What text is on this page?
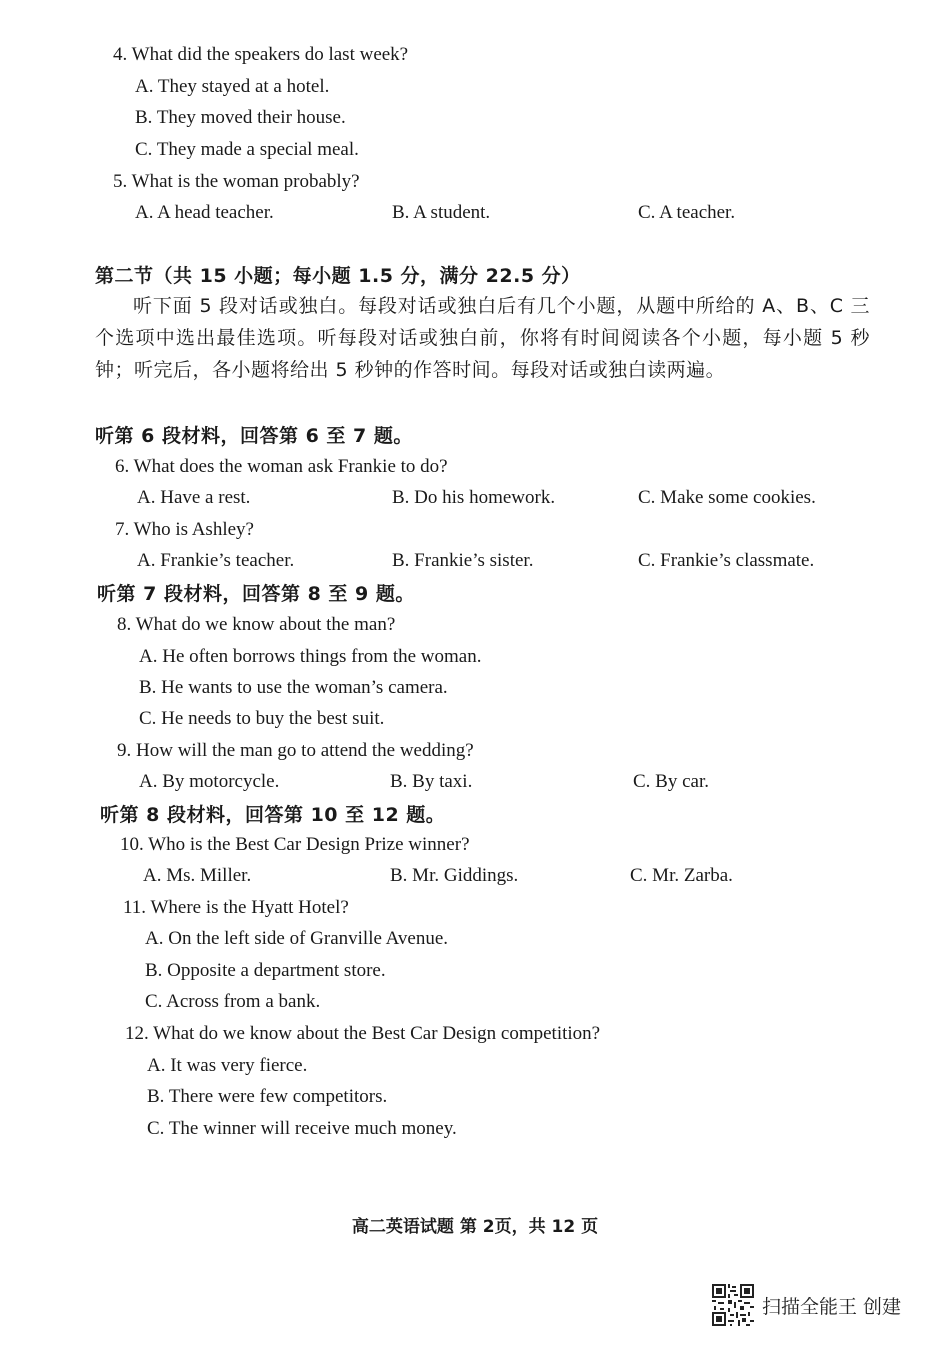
4. What did the speakers do last week?
A. They stayed at a hotel.
B. They moved their house.
C. They made a special meal.
5. What is the woman probably?
A. A head teacher.	B. A student.	C. A teacher.
第二节（共 15 小题；每小题 1.5 分，满分 22.5 分）
听下面 5 段对话或独白。每段对话或独白后有几个小题，从题中所给的 A、B、C 三个选项中选出最佳选项。听每段对话或独白前，你将有时间阅读各个小题，每小题 5 秒钟；听完后，各小题将给出 5 秒钟的作答时间。每段对话或独白读两遍。
听第 6 段材料，回答第 6 至 7 题。
6. What does the woman ask Frankie to do?
A. Have a rest.	B. Do his homework.	C. Make some cookies.
7. Who is Ashley?
A. Frankie’s teacher.	B. Frankie’s sister.	C. Frankie’s classmate.
听第 7 段材料，回答第 8 至 9 题。
8. What do we know about the man?
A. He often borrows things from the woman.
B. He wants to use the woman’s camera.
C. He needs to buy the best suit.
9. How will the man go to attend the wedding?
A. By motorcycle.	B. By taxi.	C. By car.
听第 8 段材料，回答第 10 至 12 题。
10. Who is the Best Car Design Prize winner?
A. Ms. Miller.	B. Mr. Giddings.	C. Mr. Zarba.
11. Where is the Hyatt Hotel?
A. On the left side of Granville Avenue.
B. Opposite a department store.
C. Across from a bank.
12. What do we know about the Best Car Design competition?
A. It was very fierce.
B. There were few competitors.
C. The winner will receive much money.
高二英语试题 第 2页，共 12 页
扫描全能王 创建
